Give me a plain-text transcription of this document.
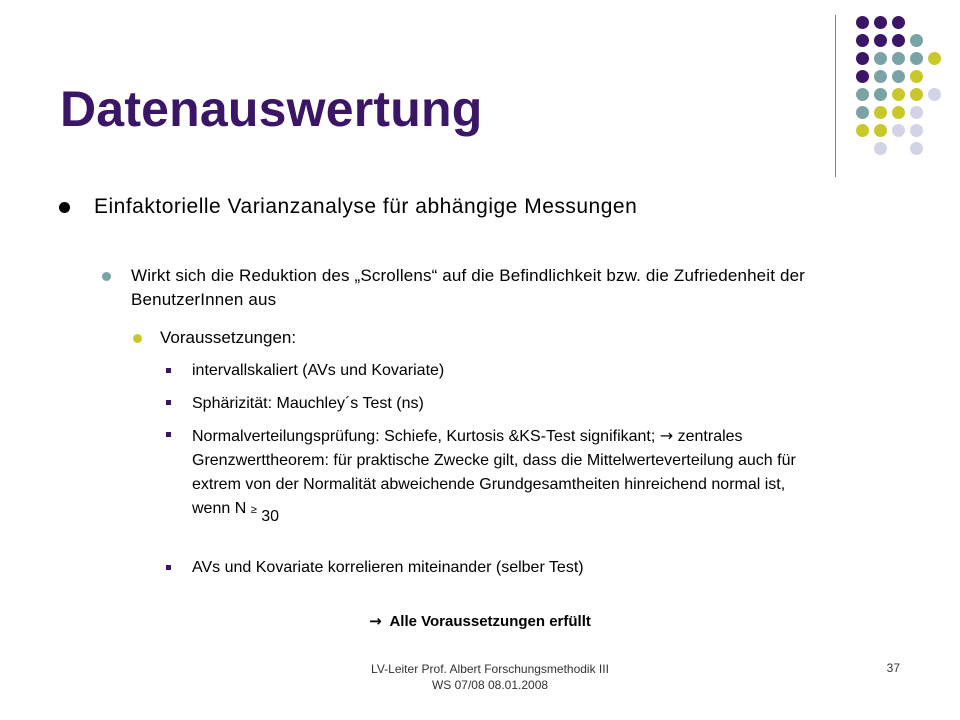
Datenauswertung
Einfaktorielle Varianzanalyse für abhängige Messungen
Wirkt sich die Reduktion des „Scrollens“ auf die Befindlichkeit bzw. die Zufriedenheit der BenutzerInnen aus
Voraussetzungen:
intervallskaliert (AVs und Kovariate)
Sphärizität: Mauchley´s Test (ns)
Normalverteilungsprüfung: Schiefe, Kurtosis &KS-Test signifikant; → zentrales Grenzwerttheorem: für praktische Zwecke gilt, dass die Mittelwerteverteilung auch für extrem von der Normalität abweichende Grundgesamtheiten hinreichend normal ist, wenn N ≥ 30
AVs und Kovariate korrelieren miteinander (selber Test)
→ Alle Voraussetzungen erfüllt
LV-Leiter Prof. Albert Forschungsmethodik III
WS 07/08 08.01.2008
37
